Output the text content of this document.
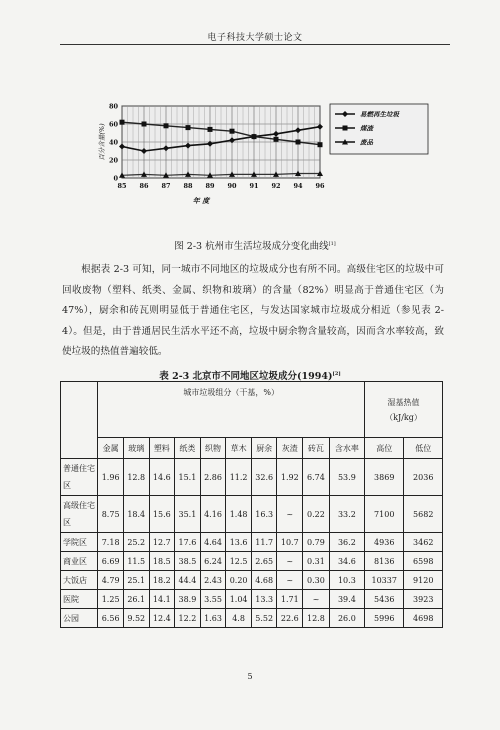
电子科技大学硕士论文
0
20
40
60
80
85 86 87 88 89 90 91 92 94 96
百分含量(%)
年 度
易燃再生垃圾
煤渣
废品
图 2-3 杭州市生活垃圾成分变化曲线[1]
根据表 2-3 可知，同一城市不同地区的垃圾成分也有所不同。高级住宅区的垃圾中可回收废物（塑料、纸类、金属、织物和玻璃）的含量（82%）明显高于普通住宅区（为 47%），厨余和砖瓦则明显低于普通住宅区，与发达国家城市垃圾成分相近（参见表 2-4）。但是，由于普通居民生活水平还不高，垃圾中厨余物含量较高，因而含水率较高，致使垃圾的热值普遍较低。
表 2-3 北京市不同地区垃圾成分(1994)[2]
	城市垃圾组分（干基，%）										湿基热值
（kJ/kg）	
	金属	玻璃	塑料	纸类	织物	草木	厨余	灰渣	砖瓦	含水率	高位	低位
普通住宅区	1.96	12.8	14.6	15.1	2.86	11.2	32.6	1.92	6.74	53.9	3869	2036
高级住宅区	8.75	18.4	15.6	35.1	4.16	1.48	16.3	~	0.22	33.2	7100	5682
学院区	7.18	25.2	12.7	17.6	4.64	13.6	11.7	10.7	0.79	36.2	4936	3462
商业区	6.69	11.5	18.5	38.5	6.24	12.5	2.65	~	0.31	34.6	8136	6598
大饭店	4.79	25.1	18.2	44.4	2.43	0.20	4.68	~	0.30	10.3	10337	9120
医院	1.25	26.1	14.1	38.9	3.55	1.04	13.3	1.71	~	39.4	5436	3923
公园	6.56	9.52	12.4	12.2	1.63	4.8	5.52	22.6	12.8	26.0	5996	4698
5
